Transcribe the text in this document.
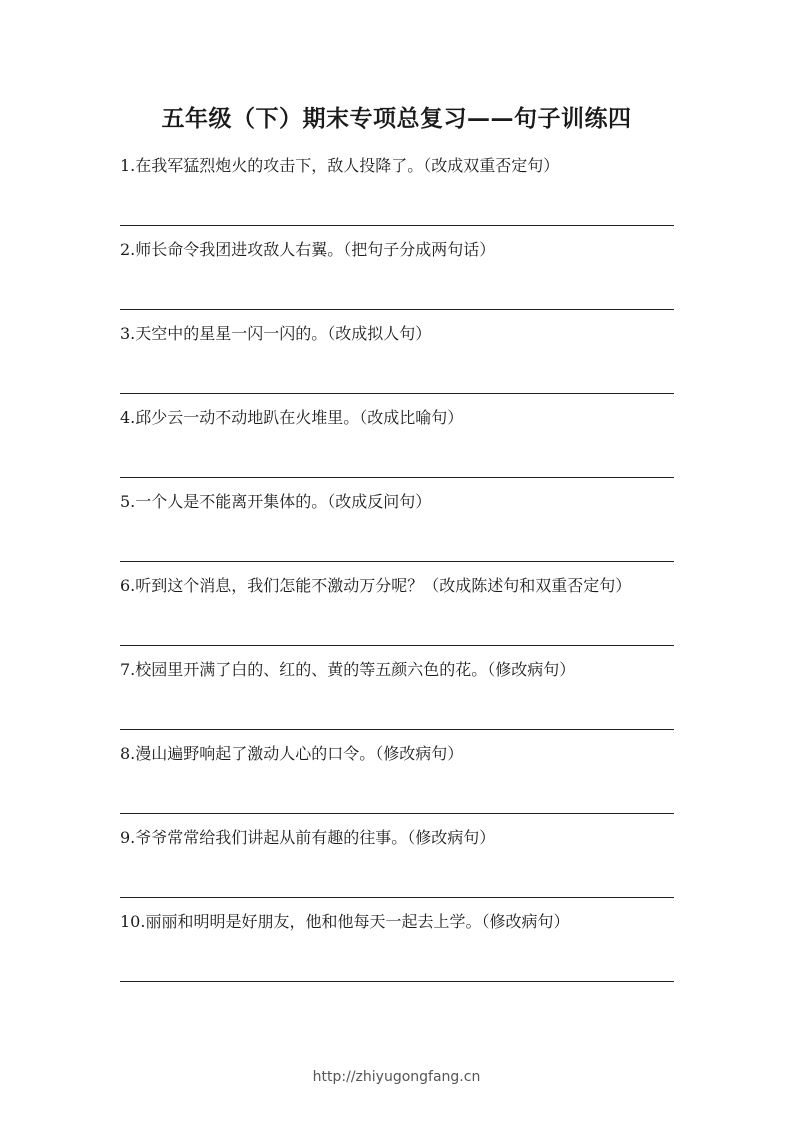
五年级（下）期末专项总复习——句子训练四

1.在我军猛烈炮火的攻击下，敌人投降了。（改成双重否定句）

2.师长命令我团进攻敌人右翼。（把句子分成两句话）

3.天空中的星星一闪一闪的。（改成拟人句）

4.邱少云一动不动地趴在火堆里。（改成比喻句）

5.一个人是不能离开集体的。（改成反问句）

6.听到这个消息，我们怎能不激动万分呢？（改成陈述句和双重否定句）

7.校园里开满了白的、红的、黄的等五颜六色的花。（修改病句）

8.漫山遍野响起了激动人心的口令。（修改病句）

9.爷爷常常给我们讲起从前有趣的往事。（修改病句）

10.丽丽和明明是好朋友，他和他每天一起去上学。（修改病句）

http://zhiyugongfang.cn
